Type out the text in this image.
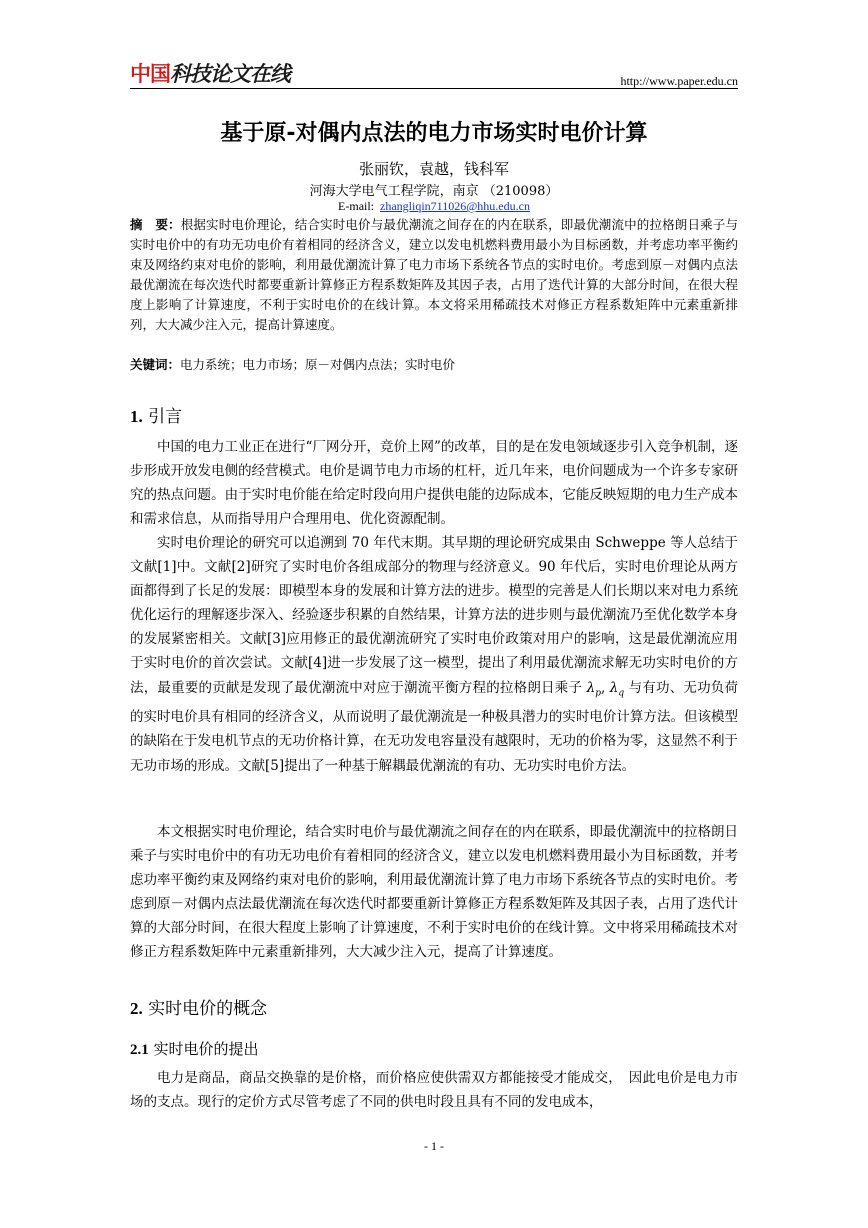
中国科技论文在线	http://www.paper.edu.cn
基于原-对偶内点法的电力市场实时电价计算
张丽钦，袁越，钱科军
河海大学电气工程学院，南京 （210098）
E-mail: zhangliqin711026@hhu.edu.cn
摘　要：根据实时电价理论，结合实时电价与最优潮流之间存在的内在联系，即最优潮流中的拉格朗日乘子与实时电价中的有功无功电价有着相同的经济含义，建立以发电机燃料费用最小为目标函数，并考虑功率平衡约束及网络约束对电价的影响，利用最优潮流计算了电力市场下系统各节点的实时电价。考虑到原－对偶内点法最优潮流在每次迭代时都要重新计算修正方程系数矩阵及其因子表，占用了迭代计算的大部分时间，在很大程度上影响了计算速度，不利于实时电价的在线计算。本文将采用稀疏技术对修正方程系数矩阵中元素重新排列，大大减少注入元，提高计算速度。
关键词：电力系统；电力市场；原－对偶内点法；实时电价
1. 引言

中国的电力工业正在进行“厂网分开，竞价上网”的改革，目的是在发电领域逐步引入竞争机制，逐步形成开放发电侧的经营模式。电价是调节电力市场的杠杆，近几年来，电价问题成为一个许多专家研究的热点问题。由于实时电价能在给定时段向用户提供电能的边际成本，它能反映短期的电力生产成本和需求信息，从而指导用户合理用电、优化资源配制。

实时电价理论的研究可以追溯到 70 年代末期。其早期的理论研究成果由 Schweppe 等人总结于文献[1]中。文献[2]研究了实时电价各组成部分的物理与经济意义。90 年代后，实时电价理论从两方面都得到了长足的发展：即模型本身的发展和计算方法的进步。模型的完善是人们长期以来对电力系统优化运行的理解逐步深入、经验逐步积累的自然结果，计算方法的进步则与最优潮流乃至优化数学本身的发展紧密相关。文献[3]应用修正的最优潮流研究了实时电价政策对用户的影响，这是最优潮流应用于实时电价的首次尝试。文献[4]进一步发展了这一模型，提出了利用最优潮流求解无功实时电价的方法，最重要的贡献是发现了最优潮流中对应于潮流平衡方程的拉格朗日乘子 $\lambda_p$, $\lambda_q$ 与有功、无功负荷的实时电价具有相同的经济含义，从而说明了最优潮流是一种极具潜力的实时电价计算方法。但该模型的缺陷在于发电机节点的无功价格计算，在无功发电容量没有越限时，无功的价格为零，这显然不利于无功市场的形成。文献[5]提出了一种基于解耦最优潮流的有功、无功实时电价方法。

本文根据实时电价理论，结合实时电价与最优潮流之间存在的内在联系，即最优潮流中的拉格朗日乘子与实时电价中的有功无功电价有着相同的经济含义，建立以发电机燃料费用最小为目标函数，并考虑功率平衡约束及网络约束对电价的影响，利用最优潮流计算了电力市场下系统各节点的实时电价。考虑到原－对偶内点法最优潮流在每次迭代时都要重新计算修正方程系数矩阵及其因子表，占用了迭代计算的大部分时间，在很大程度上影响了计算速度，不利于实时电价的在线计算。文中将采用稀疏技术对修正方程系数矩阵中元素重新排列，大大减少注入元，提高了计算速度。

2. 实时电价的概念
2.1 实时电价的提出

电力是商品，商品交换靠的是价格，而价格应使供需双方都能接受才能成交，　因此电价是电力市场的支点。现行的定价方式尽管考虑了不同的供电时段且具有不同的发电成本，

- 1 -
